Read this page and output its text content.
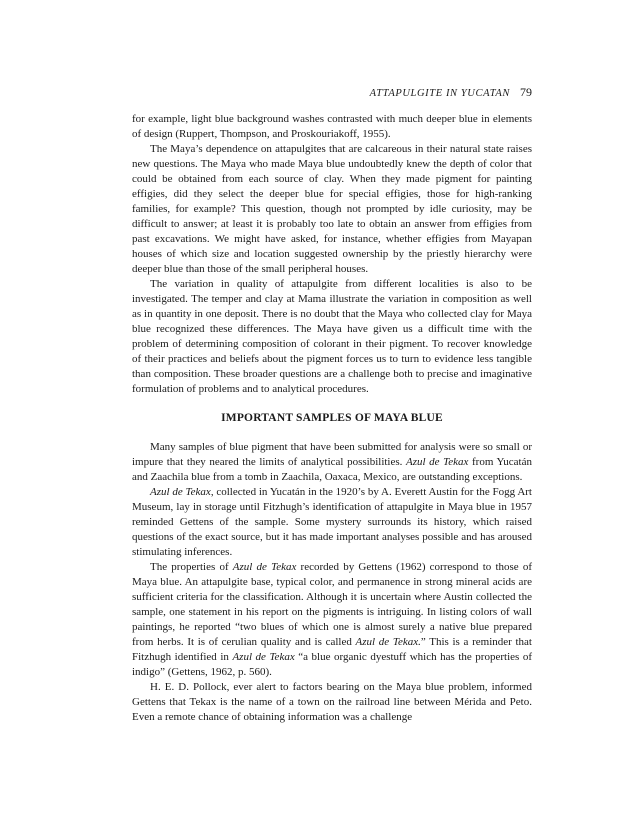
ATTAPULGITE IN YUCATAN 79

for example, light blue background washes contrasted with much deeper blue in elements of design (Ruppert, Thompson, and Proskouriakoff, 1955).

The Maya’s dependence on attapulgites that are calcareous in their natural state raises new questions. The Maya who made Maya blue undoubtedly knew the depth of color that could be obtained from each source of clay. When they made pigment for painting effigies, did they select the deeper blue for special effigies, those for high-ranking families, for example? This question, though not prompted by idle curiosity, may be difficult to answer; at least it is probably too late to obtain an answer from effigies from past excavations. We might have asked, for instance, whether effigies from Mayapan houses of which size and location suggested ownership by the priestly hierarchy were deeper blue than those of the small peripheral houses.

The variation in quality of attapulgite from different localities is also to be investigated. The temper and clay at Mama illustrate the variation in composition as well as in quantity in one deposit. There is no doubt that the Maya who collected clay for Maya blue recognized these differences. The Maya have given us a difficult time with the problem of determining composition of colorant in their pigment. To recover knowledge of their practices and beliefs about the pigment forces us to turn to evidence less tangible than composition. These broader questions are a challenge both to precise and imaginative formulation of problems and to analytical procedures.

IMPORTANT SAMPLES OF MAYA BLUE

Many samples of blue pigment that have been submitted for analysis were so small or impure that they neared the limits of analytical possibilities. Azul de Tekax from Yucatán and Zaachila blue from a tomb in Zaachila, Oaxaca, Mexico, are outstanding exceptions.

Azul de Tekax, collected in Yucatán in the 1920’s by A. Everett Austin for the Fogg Art Museum, lay in storage until Fitzhugh’s identification of attapulgite in Maya blue in 1957 reminded Gettens of the sample. Some mystery surrounds its history, which raised questions of the exact source, but it has made important analyses possible and has aroused stimulating inferences.

The properties of Azul de Tekax recorded by Gettens (1962) correspond to those of Maya blue. An attapulgite base, typical color, and permanence in strong mineral acids are sufficient criteria for the classification. Although it is uncertain where Austin collected the sample, one statement in his report on the pigments is intriguing. In listing colors of wall paintings, he reported “two blues of which one is almost surely a native blue prepared from herbs. It is of cerulian quality and is called Azul de Tekax.” This is a reminder that Fitzhugh identified in Azul de Tekax “a blue organic dyestuff which has the properties of indigo” (Gettens, 1962, p. 560).

H. E. D. Pollock, ever alert to factors bearing on the Maya blue problem, informed Gettens that Tekax is the name of a town on the railroad line between Mérida and Peto. Even a remote chance of obtaining information was a challenge
